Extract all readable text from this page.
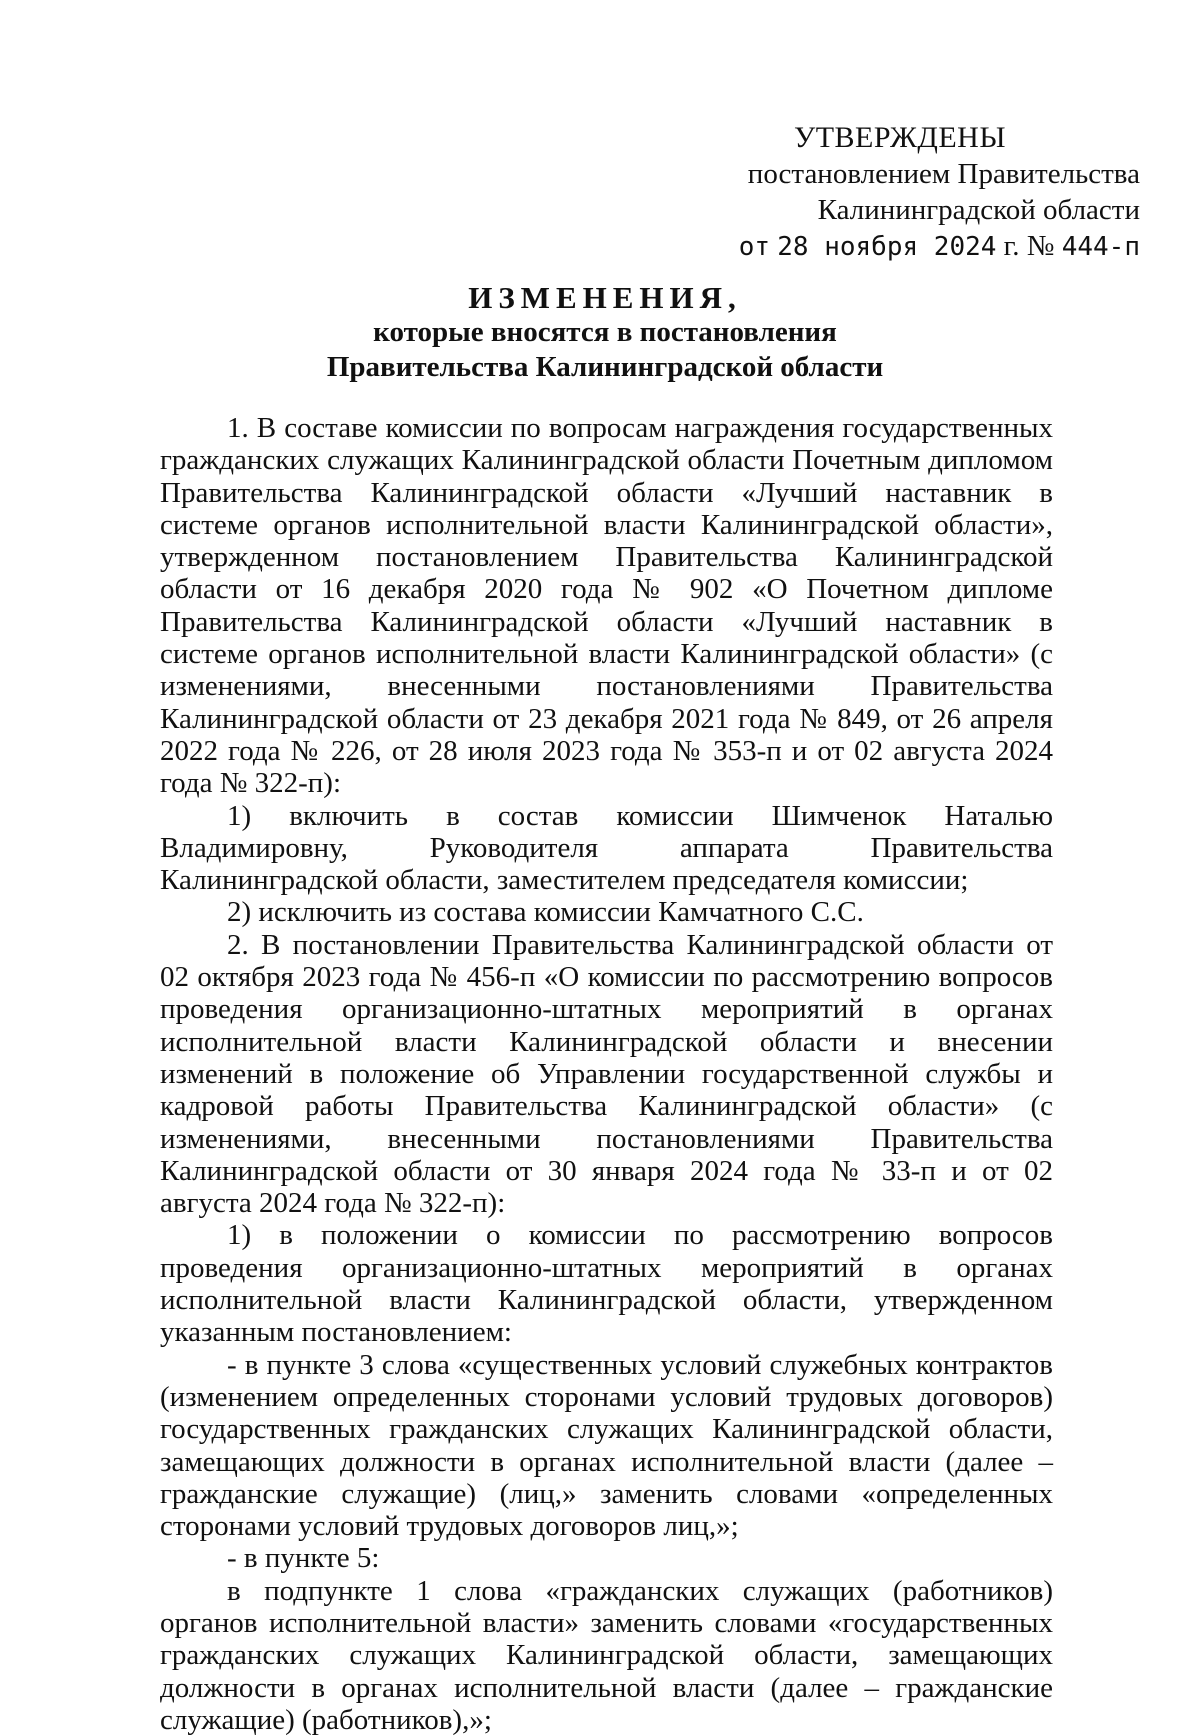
УТВЕРЖДЕНЫ
постановлением Правительства
Калининградской области
от 28 ноября 2024 г. № 444-п
ИЗМЕНЕНИЯ,
которые вносятся в постановления
Правительства Калининградской области

1. В составе комиссии по вопросам награждения государственных гражданских служащих Калининградской области Почетным дипломом Правительства Калининградской области «Лучший наставник в системе органов исполнительной власти Калининградской области», утвержденном постановлением Правительства Калининградской области от 16 декабря 2020 года № 902 «О Почетном дипломе Правительства Калининградской области «Лучший наставник в системе органов исполнительной власти Калининградской области» (с изменениями, внесенными постановлениями Правительства Калининградской области от 23 декабря 2021 года № 849, от 26 апреля 2022 года № 226, от 28 июля 2023 года № 353-п и от 02 августа 2024 года № 322-п):

1) включить в состав комиссии Шимченок Наталью Владимировну, Руководителя аппарата Правительства Калининградской области, заместителем председателя комиссии;

2) исключить из состава комиссии Камчатного С.С.

2. В постановлении Правительства Калининградской области от 02 октября 2023 года № 456-п «О комиссии по рассмотрению вопросов проведения организационно-штатных мероприятий в органах исполнительной власти Калининградской области и внесении изменений в положение об Управлении государственной службы и кадровой работы Правительства Калининградской области» (с изменениями, внесенными постановлениями Правительства Калининградской области от 30 января 2024 года № 33-п и от 02 августа 2024 года № 322-п):

1) в положении о комиссии по рассмотрению вопросов проведения организационно-штатных мероприятий в органах исполнительной власти Калининградской области, утвержденном указанным постановлением:

- в пункте 3 слова «существенных условий служебных контрактов (изменением определенных сторонами условий трудовых договоров) государственных гражданских служащих Калининградской области, замещающих должности в органах исполнительной власти (далее – гражданские служащие) (лиц,» заменить словами «определенных сторонами условий трудовых договоров лиц,»;

- в пункте 5:

в подпункте 1 слова «гражданских служащих (работников) органов исполнительной власти» заменить словами «государственных гражданских служащих Калининградской области, замещающих должности в органах исполнительной власти (далее – гражданские служащие) (работников),»;
